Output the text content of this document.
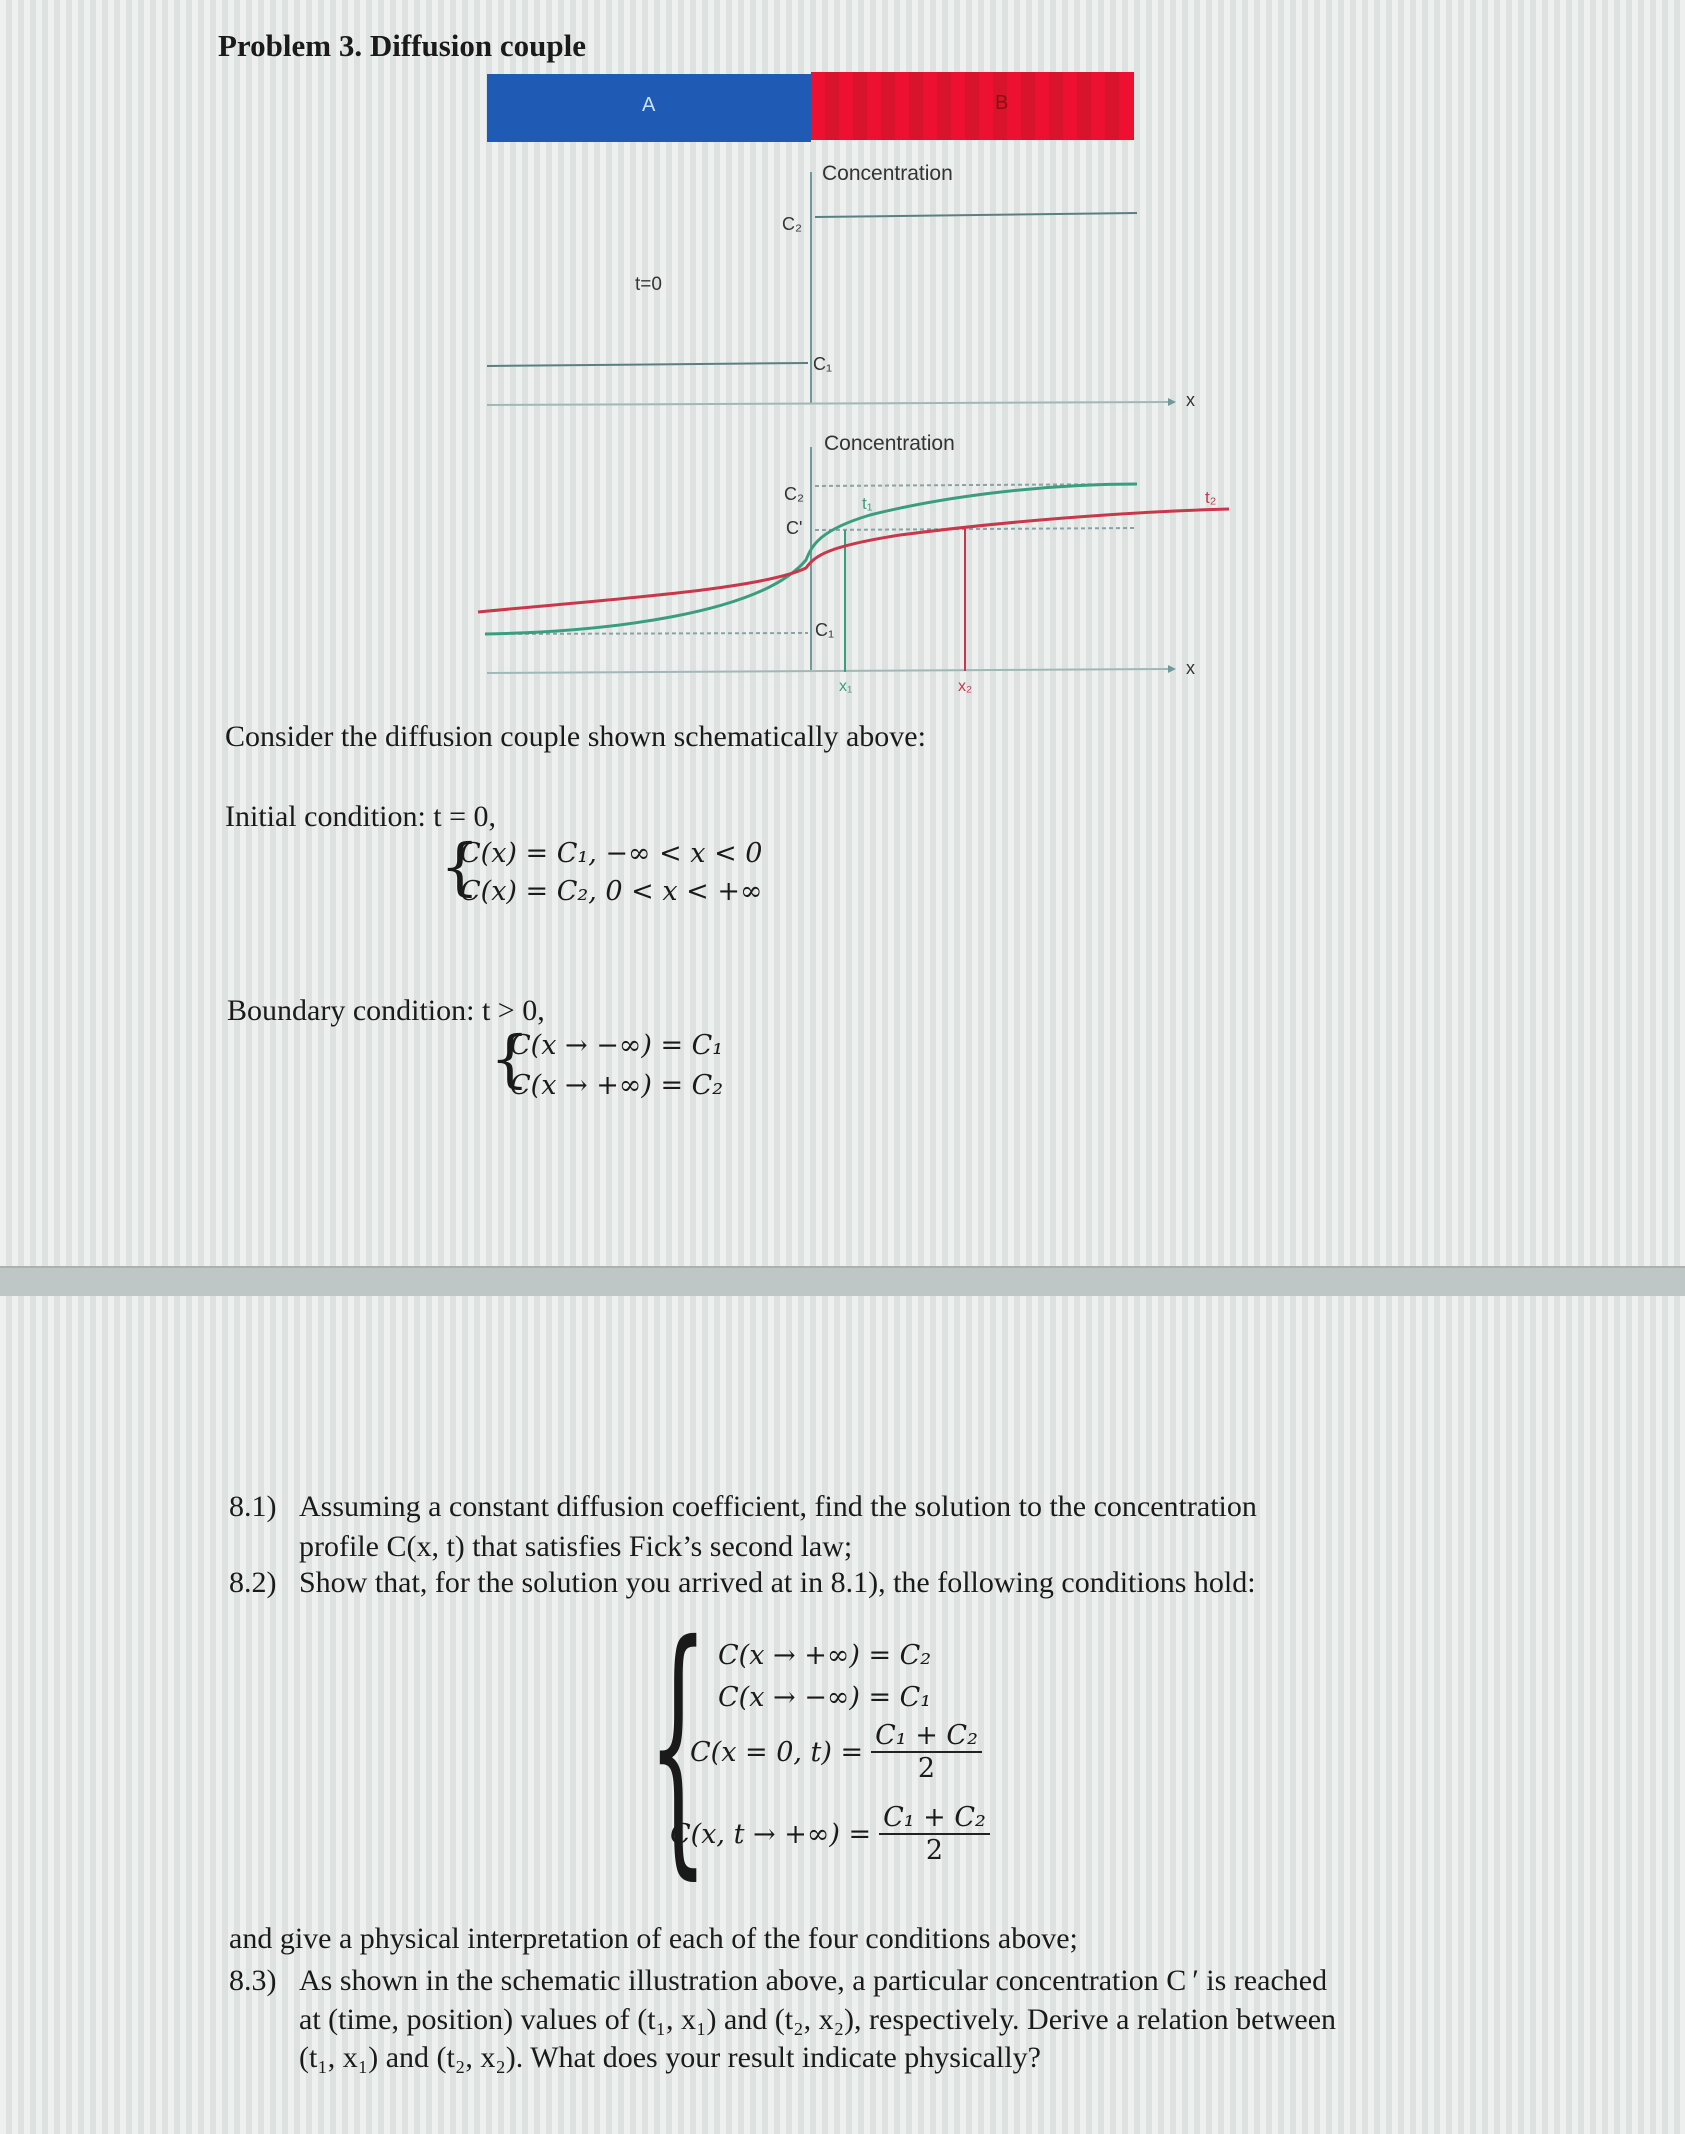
Problem 3. Diffusion couple
A	B
Concentration
C₂
t=0
C₁
x
Concentration
C₂
C'
C₁
t₁	t₂
x₁	x₂
x
Consider the diffusion couple shown schematically above:
Initial condition: t = 0,
{
C(x) = C₁, −∞ < x < 0
C(x) = C₂, 0 < x < +∞
Boundary condition: t > 0,
{
C(x → −∞) = C₁
C(x → +∞) = C₂
8.1) Assuming a constant diffusion coefficient, find the solution to the concentration
profile C(x, t) that satisfies Fick’s second law;
8.2) Show that, for the solution you arrived at in 8.1), the following conditions hold:
{ C(x → +∞) = C₂
C(x → −∞) = C₁
C(x = 0, $t) = \frac{\text{C₁ + C₂}}{2}$
C(x, t → +∞) = $\frac{\text{C₁ + C₂}}{2}$
and give a physical interpretation of each of the four conditions above;
8.3) As shown in the schematic illustration above, a particular concentration C ′ is reached
at (time, position) values of (t₁, x₁) and (t₂, x₂), respectively. Derive a relation between
(t₁, x₁) and (t₂, x₂). What does your result indicate physically?
